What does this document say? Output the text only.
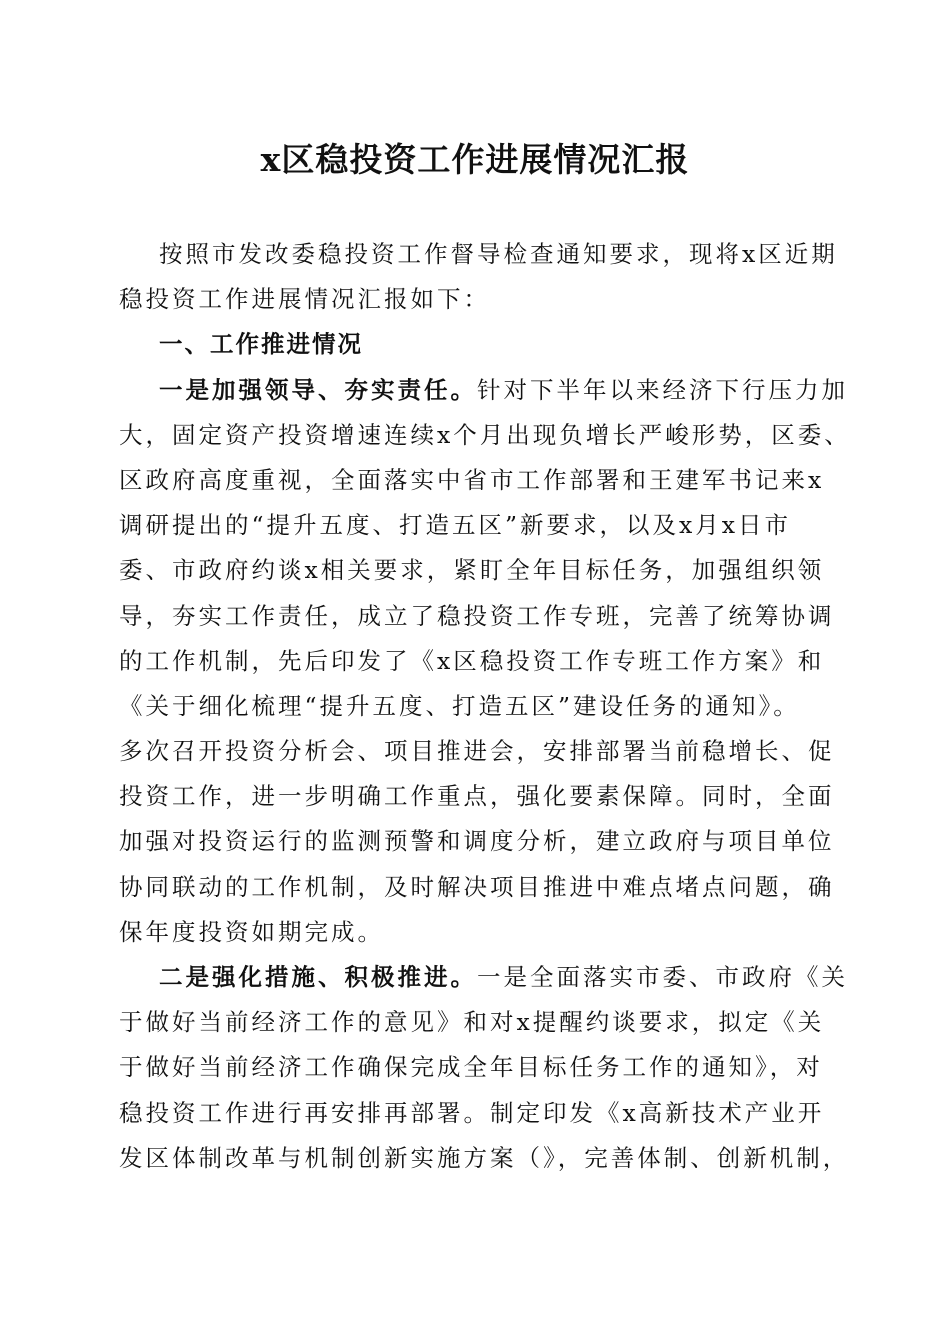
x区稳投资工作进展情况汇报
按照市发改委稳投资工作督导检查通知要求，现将x区近期
稳投资工作进展情况汇报如下：
一、工作推进情况
一是加强领导、夯实责任。针对下半年以来经济下行压力加
大，固定资产投资增速连续x个月出现负增长严峻形势，区委、
区政府高度重视，全面落实中省市工作部署和王建军书记来x
调研提出的“提升五度、打造五区”新要求，以及x月x日市
委、市政府约谈x相关要求，紧盯全年目标任务，加强组织领
导，夯实工作责任，成立了稳投资工作专班，完善了统筹协调
的工作机制，先后印发了《x区稳投资工作专班工作方案》和
《关于细化梳理“提升五度、打造五区”建设任务的通知》。
多次召开投资分析会、项目推进会，安排部署当前稳增长、促
投资工作，进一步明确工作重点，强化要素保障。同时，全面
加强对投资运行的监测预警和调度分析，建立政府与项目单位
协同联动的工作机制，及时解决项目推进中难点堵点问题，确
保年度投资如期完成。
二是强化措施、积极推进。一是全面落实市委、市政府《关
于做好当前经济工作的意见》和对x提醒约谈要求，拟定《关
于做好当前经济工作确保完成全年目标任务工作的通知》，对
稳投资工作进行再安排再部署。制定印发《x高新技术产业开
发区体制改革与机制创新实施方案（》，完善体制、创新机制，
